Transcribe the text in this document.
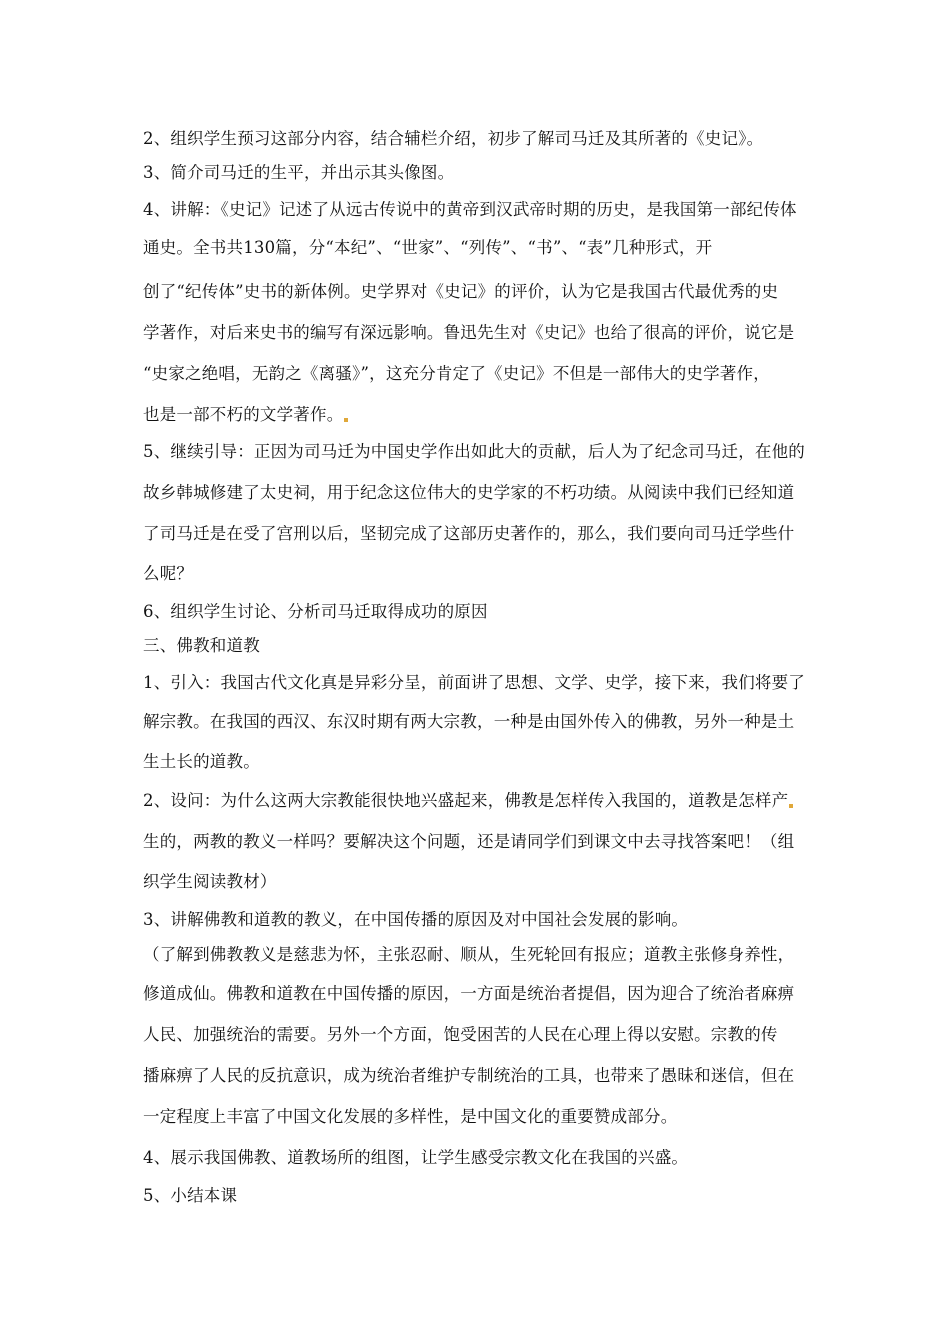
2、组织学生预习这部分内容，结合辅栏介绍，初步了解司马迁及其所著的《史记》。
3、简介司马迁的生平，并出示其头像图。
4、讲解：《史记》记述了从远古传说中的黄帝到汉武帝时期的历史，是我国第一部纪传体
通史。全书共130篇，分“本纪”、“世家”、“列传”、“书”、“表”几种形式，开
创了“纪传体”史书的新体例。史学界对《史记》的评价，认为它是我国古代最优秀的史
学著作，对后来史书的编写有深远影响。鲁迅先生对《史记》也给了很高的评价，说它是
“史家之绝唱，无韵之《离骚》”，这充分肯定了《史记》不但是一部伟大的史学著作，
也是一部不朽的文学著作。
5、继续引导：正因为司马迁为中国史学作出如此大的贡献，后人为了纪念司马迁，在他的
故乡韩城修建了太史祠，用于纪念这位伟大的史学家的不朽功绩。从阅读中我们已经知道
了司马迁是在受了宫刑以后，坚韧完成了这部历史著作的，那么，我们要向司马迁学些什
么呢？
6、组织学生讨论、分析司马迁取得成功的原因
三、佛教和道教
1、引入：我国古代文化真是异彩分呈，前面讲了思想、文学、史学，接下来，我们将要了
解宗教。在我国的西汉、东汉时期有两大宗教，一种是由国外传入的佛教，另外一种是土
生土长的道教。
2、设问：为什么这两大宗教能很快地兴盛起来，佛教是怎样传入我国的，道教是怎样产
生的，两教的教义一样吗？要解决这个问题，还是请同学们到课文中去寻找答案吧！（组
织学生阅读教材）
3、讲解佛教和道教的教义，在中国传播的原因及对中国社会发展的影响。
（了解到佛教教义是慈悲为怀，主张忍耐、顺从，生死轮回有报应；道教主张修身养性，
修道成仙。佛教和道教在中国传播的原因，一方面是统治者提倡，因为迎合了统治者麻痹
人民、加强统治的需要。另外一个方面，饱受困苦的人民在心理上得以安慰。宗教的传
播麻痹了人民的反抗意识，成为统治者维护专制统治的工具，也带来了愚昧和迷信，但在
一定程度上丰富了中国文化发展的多样性，是中国文化的重要赞成部分。
4、展示我国佛教、道教场所的组图，让学生感受宗教文化在我国的兴盛。
5、小结本课
